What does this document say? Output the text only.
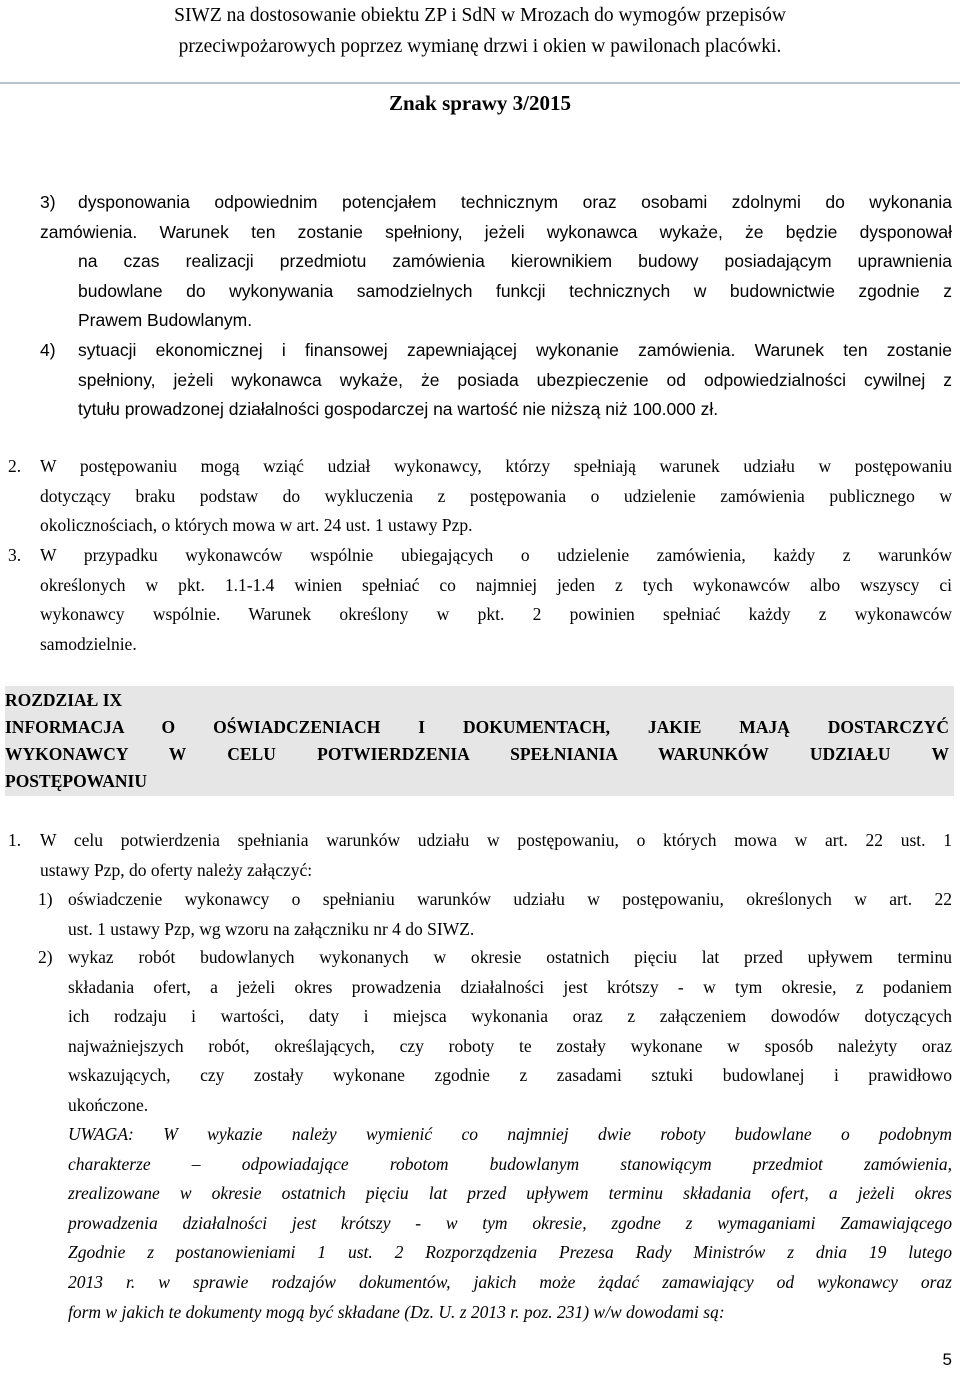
SIWZ na dostosowanie obiektu ZP i SdN w Mrozach do wymogów przepisów
przeciwpożarowych poprzez wymianę drzwi i okien w pawilonach placówki.
Znak sprawy 3/2015
3) dysponowania odpowiednim potencjałem technicznym oraz osobami zdolnymi do wykonania
zamówienia. Warunek ten zostanie spełniony, jeżeli wykonawca wykaże, że będzie dysponował
na czas realizacji przedmiotu zamówienia kierownikiem budowy posiadającym uprawnienia
budowlane do wykonywania samodzielnych funkcji technicznych w budownictwie zgodnie z
Prawem Budowlanym.
4) sytuacji ekonomicznej i finansowej zapewniającej wykonanie zamówienia. Warunek ten zostanie
spełniony, jeżeli wykonawca wykaże, że posiada ubezpieczenie od odpowiedzialności cywilnej z
tytułu prowadzonej działalności gospodarczej na wartość nie niższą niż 100.000 zł.
2. W postępowaniu mogą wziąć udział wykonawcy, którzy spełniają warunek udziału w postępowaniu
dotyczący braku podstaw do wykluczenia z postępowania o udzielenie zamówienia publicznego w
okolicznościach, o których mowa w art. 24 ust. 1 ustawy Pzp.
3. W przypadku wykonawców wspólnie ubiegających o udzielenie zamówienia, każdy z warunków
określonych w pkt. 1.1-1.4 winien spełniać co najmniej jeden z tych wykonawców albo wszyscy ci
wykonawcy wspólnie. Warunek określony w pkt. 2 powinien spełniać każdy z wykonawców
samodzielnie.
ROZDZIAŁ IX
INFORMACJA O OŚWIADCZENIACH I DOKUMENTACH, JAKIE MAJĄ DOSTARCZYĆ
WYKONAWCY W CELU POTWIERDZENIA SPEŁNIANIA WARUNKÓW UDZIAŁU W
POSTĘPOWANIU
1. W celu potwierdzenia spełniania warunków udziału w postępowaniu, o których mowa w art. 22 ust. 1
ustawy Pzp, do oferty należy załączyć:
1) oświadczenie wykonawcy o spełnianiu warunków udziału w postępowaniu, określonych w art. 22
ust. 1 ustawy Pzp, wg wzoru na załączniku nr 4 do SIWZ.
2) wykaz robót budowlanych wykonanych w okresie ostatnich pięciu lat przed upływem terminu
składania ofert, a jeżeli okres prowadzenia działalności jest krótszy - w tym okresie, z podaniem
ich rodzaju i wartości, daty i miejsca wykonania oraz z załączeniem dowodów dotyczących
najważniejszych robót, określających, czy roboty te zostały wykonane w sposób należyty oraz
wskazujących, czy zostały wykonane zgodnie z zasadami sztuki budowlanej i prawidłowo
ukończone.
UWAGA: W wykazie należy wymienić co najmniej dwie roboty budowlane o podobnym
charakterze – odpowiadające robotom budowlanym stanowiącym przedmiot zamówienia,
zrealizowane w okresie ostatnich pięciu lat przed upływem terminu składania ofert, a jeżeli okres
prowadzenia działalności jest krótszy - w tym okresie, zgodne z wymaganiami Zamawiającego
Zgodnie z postanowieniami 1 ust. 2 Rozporządzenia Prezesa Rady Ministrów z dnia 19 lutego
2013 r. w sprawie rodzajów dokumentów, jakich może żądać zamawiający od wykonawcy oraz
form w jakich te dokumenty mogą być składane (Dz. U. z 2013 r. poz. 231) w/w dowodami są:
5
